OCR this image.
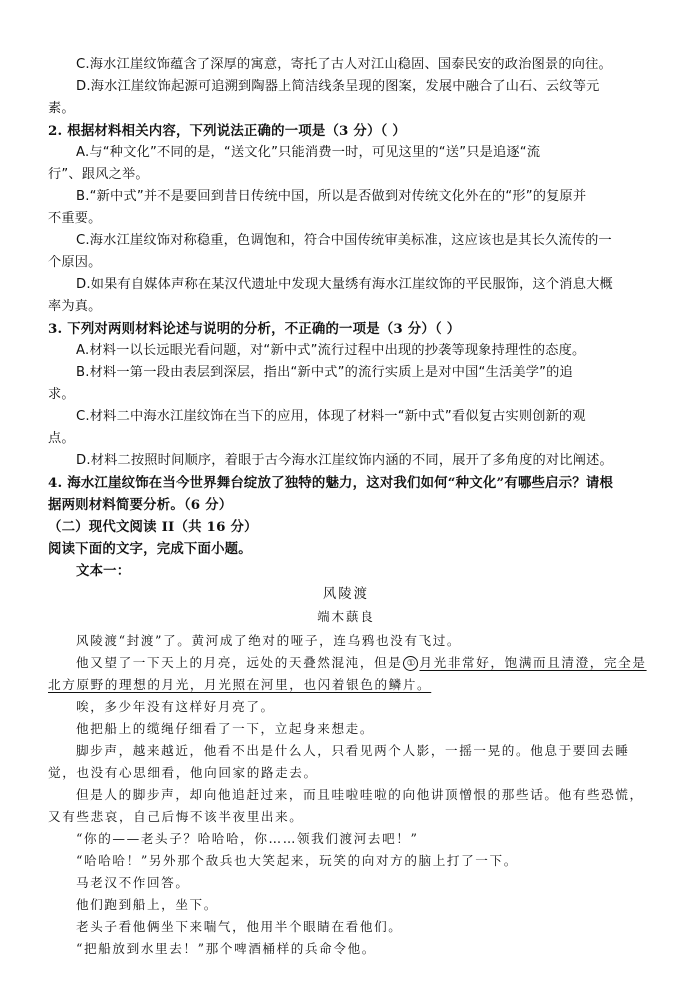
C.海水江崖纹饰蕴含了深厚的寓意，寄托了古人对江山稳固、国泰民安的政治图景的向往。
D.海水江崖纹饰起源可追溯到陶器上简洁线条呈现的图案，发展中融合了山石、云纹等元
素。
2. 根据材料相关内容，下列说法正确的一项是（3 分）（ ）
A.与“种文化”不同的是，“送文化”只能消费一时，可见这里的“送”只是追逐“流
行”、跟风之举。
B.“新中式”并不是要回到昔日传统中国，所以是否做到对传统文化外在的“形”的复原并
不重要。
C.海水江崖纹饰对称稳重，色调饱和，符合中国传统审美标准，这应该也是其长久流传的一
个原因。
D.如果有自媒体声称在某汉代遗址中发现大量绣有海水江崖纹饰的平民服饰，这个消息大概
率为真。
3. 下列对两则材料论述与说明的分析，不正确的一项是（3 分）（ ）
A.材料一以长远眼光看问题，对“新中式”流行过程中出现的抄袭等现象持理性的态度。
B.材料一第一段由表层到深层，指出“新中式”的流行实质上是对中国“生活美学”的追
求。
C.材料二中海水江崖纹饰在当下的应用，体现了材料一“新中式”看似复古实则创新的观
点。
D.材料二按照时间顺序，着眼于古今海水江崖纹饰内涵的不同，展开了多角度的对比阐述。
4. 海水江崖纹饰在当今世界舞台绽放了独特的魅力，这对我们如何“种文化”有哪些启示？请根
据两则材料简要分析。（6 分）
（二）现代文阅读 II（共 16 分）
阅读下面的文字，完成下面小题。
文本一：
风陵渡
端木蕻良
风陵渡“封渡”了。黄河成了绝对的哑子，连乌鸦也没有飞过。
他又望了一下天上的月亮，远处的天叠然混沌，但是 ① 月光非常好，饱满而且清澄，完全是
北方原野的理想的月光，月光照在河里，也闪着银色的鳞片。
唉，多少年没有这样好月亮了。
他把船上的缆绳仔细看了一下，立起身来想走。
脚步声，越来越近，他看不出是什么人，只看见两个人影，一摇一晃的。他息于要回去睡
觉，也没有心思细看，他向回家的路走去。
但是人的脚步声，却向他追赶过来，而且哇啦哇啦的向他讲顶憎恨的那些话。他有些恐慌，
又有些悲哀，自己后悔不该半夜里出来。
“你的——老头子？哈哈哈，你……领我们渡河去吧！”
“哈哈哈！”另外那个敌兵也大笑起来，玩笑的向对方的脑上打了一下。
马老汉不作回答。
他们跑到船上，坐下。
老头子看他俩坐下来喘气，他用半个眼睛在看他们。
“把船放到水里去！”那个啤酒桶样的兵命令他。
